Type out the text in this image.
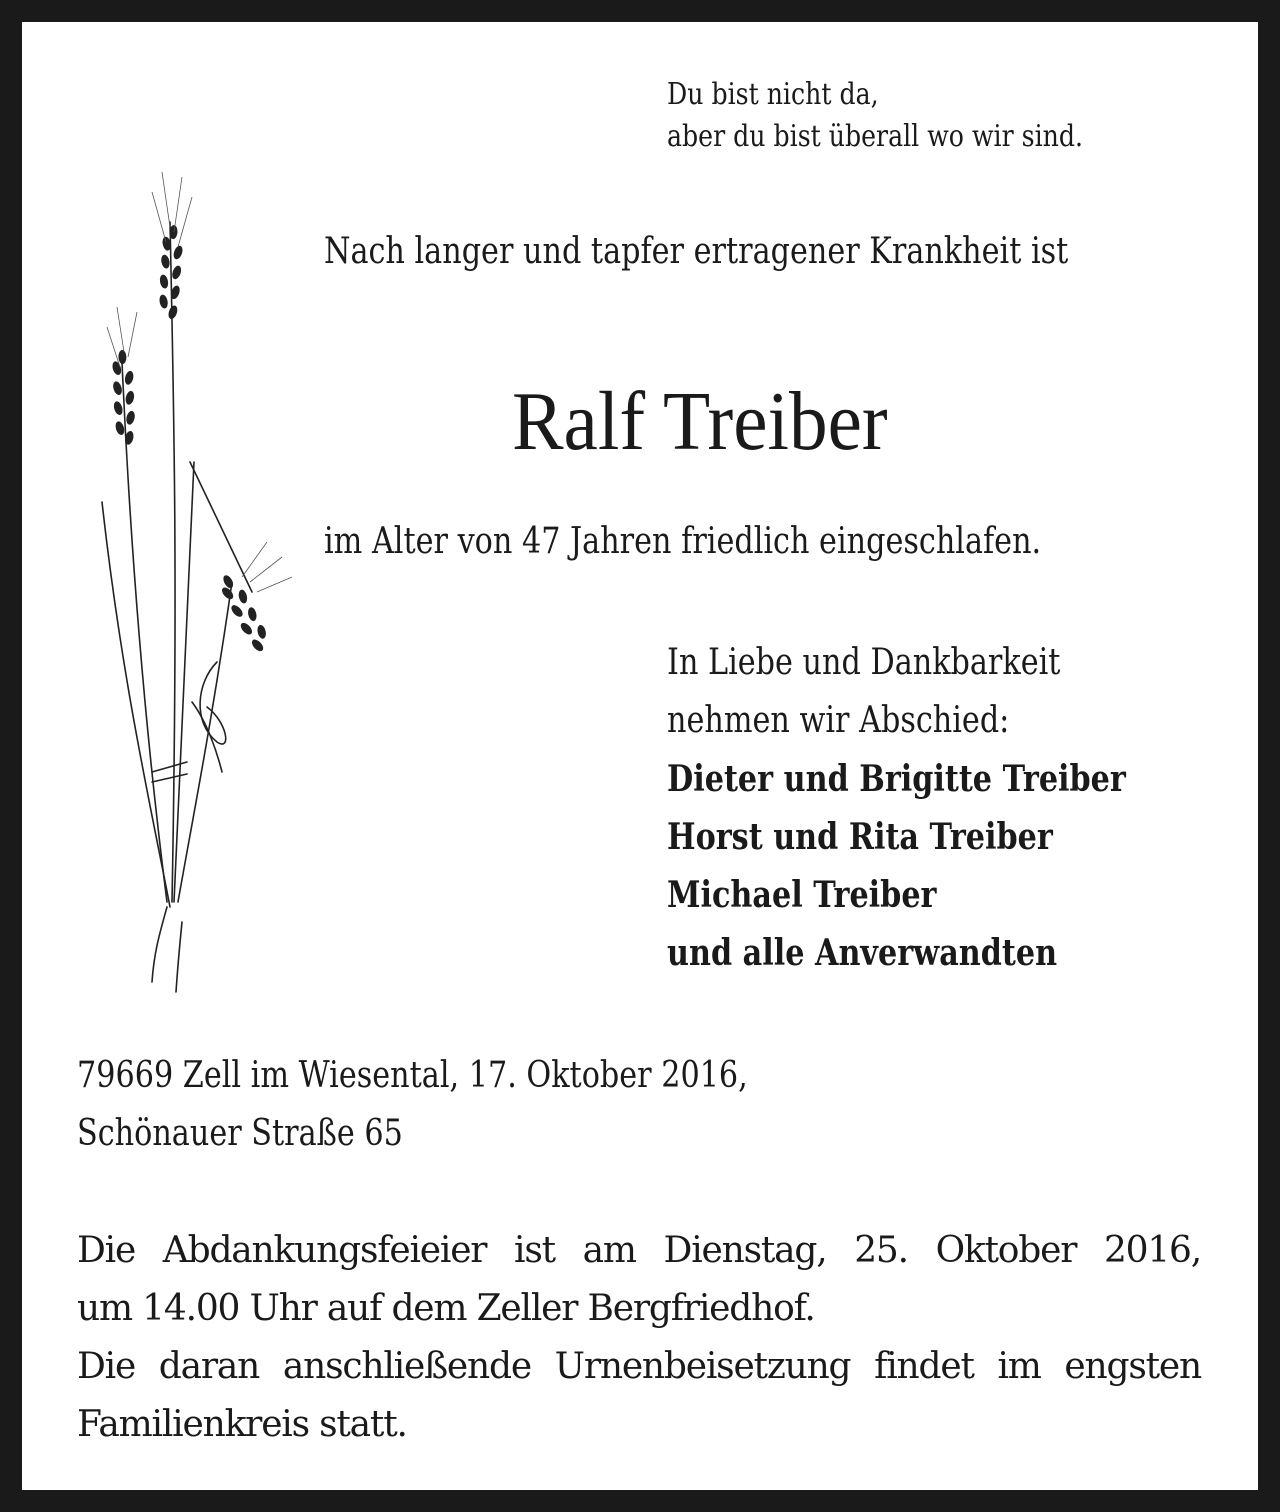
Du bist nicht da,
aber du bist überall wo wir sind.
Nach langer und tapfer ertragener Krankheit ist
Ralf Treiber
im Alter von 47 Jahren friedlich eingeschlafen.
In Liebe und Dankbarkeit
nehmen wir Abschied:
Dieter und Brigitte Treiber
Horst und Rita Treiber
Michael Treiber
und alle Anverwandten
79669 Zell im Wiesental, 17. Oktober 2016,
Schönauer Straße 65
Die Abdankungsfeieier ist am Dienstag, 25. Oktober 2016,
um 14.00 Uhr auf dem Zeller Bergfriedhof.
Die daran anschließende Urnenbeisetzung findet im engsten
Familienkreis statt.
